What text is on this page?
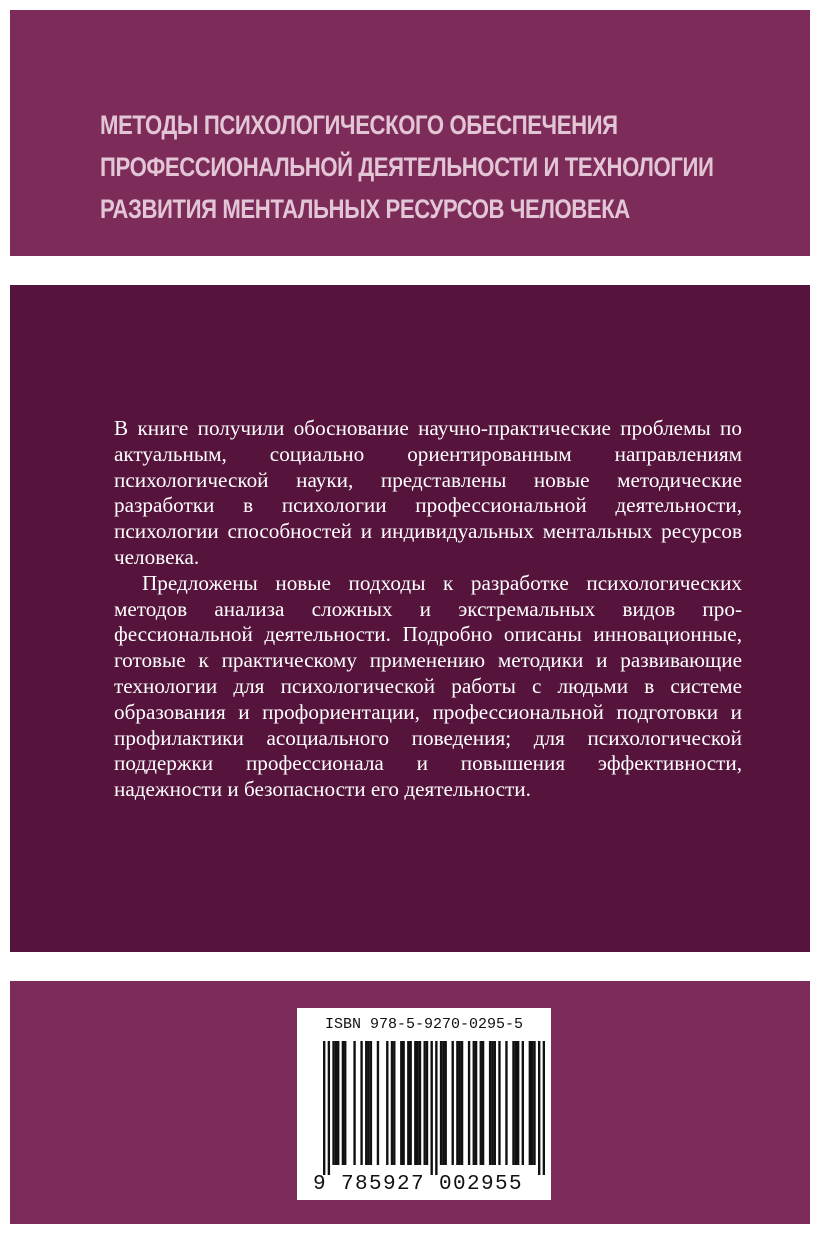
МЕТОДЫ ПСИХОЛОГИЧЕСКОГО ОБЕСПЕЧЕНИЯ
ПРОФЕССИОНАЛЬНОЙ ДЕЯТЕЛЬНОСТИ И ТЕХНОЛОГИИ
РАЗВИТИЯ МЕНТАЛЬНЫХ РЕСУРСОВ ЧЕЛОВЕКА

В книге получили обоснование научно-практические проблемы по актуальным, социально ориентированным направлениям психологической науки, представлены новые методические разработки в психологии профессиональной деятельности, психологии способностей и индивидуальных ментальных ресурсов человека.

Предложены новые подходы к разработке психологических методов анализа сложных и экстремальных видов профессиональной деятельности. Подробно описаны инновационные, готовые к практическому применению методики и развивающие технологии для психологической работы с людьми в системе образования и профориентации, профессиональной подготовки и профилактики асоциального поведения; для психологической поддержки профессионала и повышения эффективности, надежности и безопасности его деятельности.

ISBN 978-5-9270-0295-5
9 785927 002955
